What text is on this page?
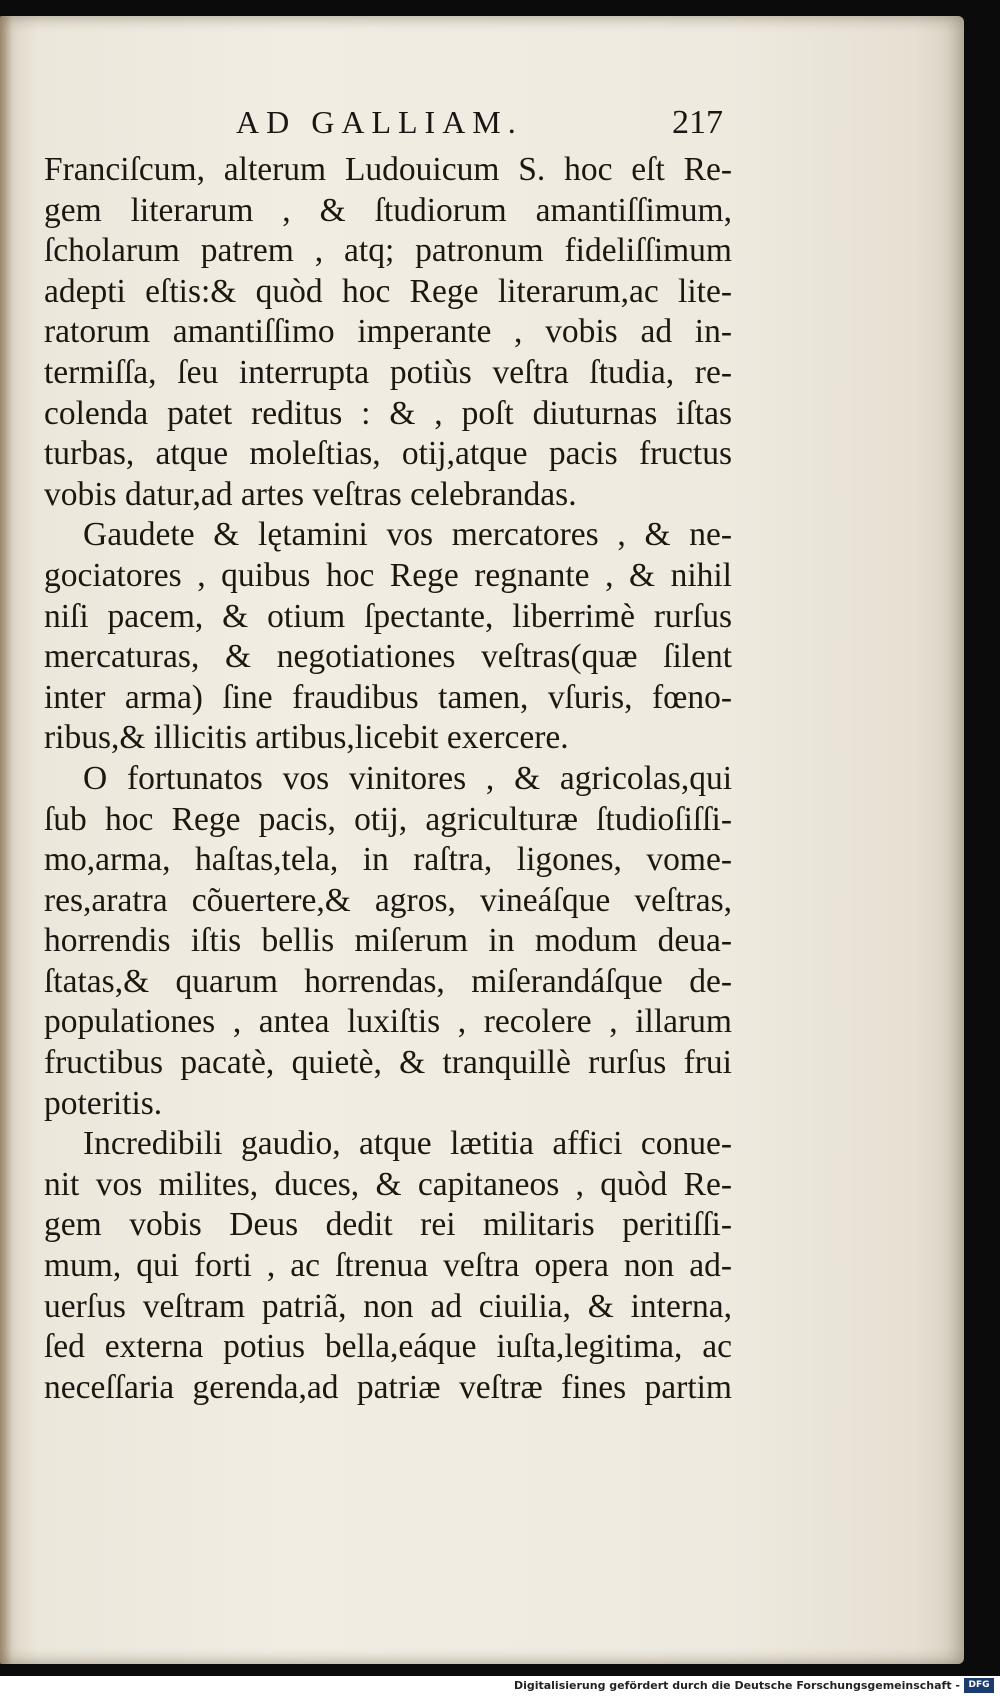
AD GALLIAM.	217
Franciſcum, alterum Ludouicum S. hoc eſt Re-
gem literarum , & ſtudiorum amantiſſimum,
ſcholarum patrem , atq; patronum fideliſſimum
adepti eſtis:& quòd hoc Rege literarum,ac lite-
ratorum amantiſſimo imperante , vobis ad in-
termiſſa, ſeu interrupta potiùs veſtra ſtudia, re-
colenda patet reditus : & , poſt diuturnas iſtas
turbas, atque moleſtias, otij,atque pacis fructus
vobis datur,ad artes veſtras celebrandas.
Gaudete & lętamini vos mercatores , & ne-
gociatores , quibus hoc Rege regnante , & nihil
niſi pacem, & otium ſpectante, liberrimè rurſus
mercaturas, & negotiationes veſtras(quæ ſilent
inter arma) ſine fraudibus tamen, vſuris, fœno-
ribus,& illicitis artibus,licebit exercere.
O fortunatos vos vinitores , & agricolas,qui
ſub hoc Rege pacis, otij, agriculturæ ſtudioſiſſi-
mo,arma, haſtas,tela, in raſtra, ligones, vome-
res,aratra cõuertere,& agros, vineáſque veſtras,
horrendis iſtis bellis miſerum in modum deua-
ſtatas,& quarum horrendas, miſerandáſque de-
populationes , antea luxiſtis , recolere , illarum
fructibus pacatè, quietè, & tranquillè rurſus frui
poteritis.
Incredibili gaudio, atque lætitia affici conue-
nit vos milites, duces, & capitaneos , quòd Re-
gem vobis Deus dedit rei militaris peritiſſi-
mum, qui forti , ac ſtrenua veſtra opera non ad-
uerſus veſtram patriã, non ad ciuilia, & interna,
ſed externa potius bella,eáque iuſta,legitima, ac
neceſſaria gerenda,ad patriæ veſtræ fines partim
Digitalisierung gefördert durch die Deutsche Forschungsgemeinschaft - DFG
